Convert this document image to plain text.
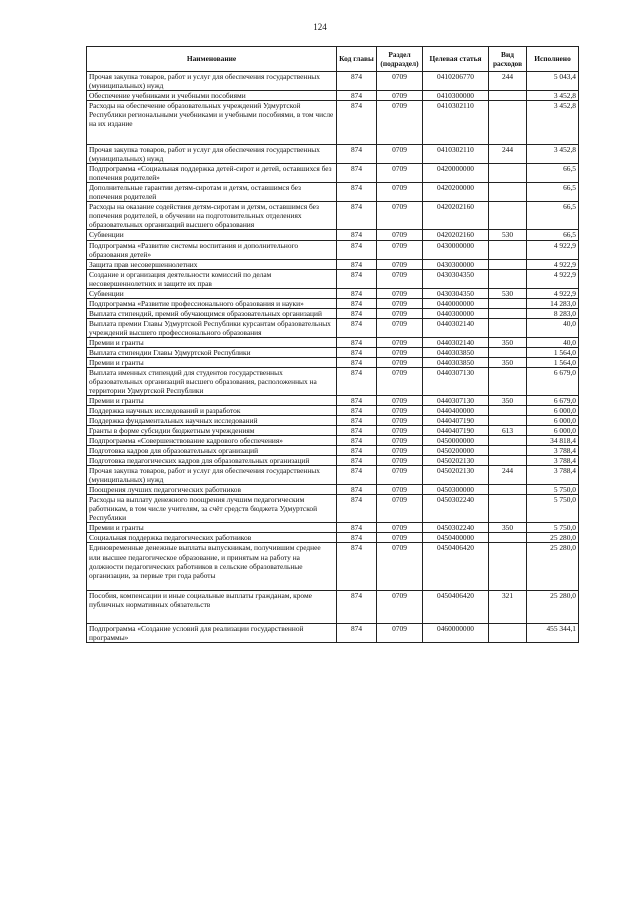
124
Наименование	Код главы	Раздел (подраздел)	Целевая статья	Вид расходов	Исполнено
Прочая закупка товаров, работ и услуг для обеспечения государственных (муниципальных) нужд	874	0709	0410206770	244	5 043,4
Обеспечение учебниками и учебными пособиями	874	0709	0410300000		3 452,8
Расходы на обеспечение образовательных учреждений Удмуртской Республики региональными учебниками и учебными пособиями, в том числе на их издание	874	0709	0410302110		3 452,8
Прочая закупка товаров, работ и услуг для обеспечения государственных (муниципальных) нужд	874	0709	0410302110	244	3 452,8
Подпрограмма «Социальная поддержка детей-сирот и детей, оставшихся без попечения родителей»	874	0709	0420000000		66,5
Дополнительные гарантии детям-сиротам и детям, оставшимся без попечения родителей	874	0709	0420200000		66,5
Расходы на оказание содействия детям-сиротам и детям, оставшимся без попечения родителей, в обучении на подготовительных отделениях образовательных организаций высшего образования	874	0709	0420202160		66,5
Субвенции	874	0709	0420202160	530	66,5
Подпрограмма «Развитие системы воспитания и дополнительного образования детей»	874	0709	0430000000		4 922,9
Защита прав несовершеннолетних	874	0709	0430300000		4 922,9
Создание и организация деятельности комиссий по делам несовершеннолетних и защите их прав	874	0709	0430304350		4 922,9
Субвенции	874	0709	0430304350	530	4 922,9
Подпрограмма «Развитие профессионального образования и науки»	874	0709	0440000000		14 283,0
Выплата стипендий, премий обучающимся образовательных организаций	874	0709	0440300000		8 283,0
Выплата премии Главы Удмуртской Республики курсантам образовательных учреждений высшего профессионального образования	874	0709	0440302140		40,0
Премии и гранты	874	0709	0440302140	350	40,0
Выплата стипендии Главы Удмуртской Республики	874	0709	0440303850		1 564,0
Премии и гранты	874	0709	0440303850	350	1 564,0
Выплата именных стипендий для студентов государственных образовательных организаций высшего образования, расположенных на территории Удмуртской Республики	874	0709	0440307130		6 679,0
Премии и гранты	874	0709	0440307130	350	6 679,0
Поддержка научных исследований и разработок	874	0709	0440400000		6 000,0
Поддержка фундаментальных научных исследований	874	0709	0440407190		6 000,0
Гранты в форме субсидии бюджетным учреждениям	874	0709	0440407190	613	6 000,0
Подпрограмма «Совершенствование кадрового обеспечения»	874	0709	0450000000		34 818,4
Подготовка кадров для образовательных организаций	874	0709	0450200000		3 788,4
Подготовка педагогических кадров для образовательных организаций	874	0709	0450202130		3 788,4
Прочая закупка товаров, работ и услуг для обеспечения государственных (муниципальных) нужд	874	0709	0450202130	244	3 788,4
Поощрения лучших педагогических работников	874	0709	0450300000		5 750,0
Расходы на выплату денежного поощрения лучшим педагогическим работникам, в том числе учителям, за счёт средств бюджета Удмуртской Республики	874	0709	0450302240		5 750,0
Премии и гранты	874	0709	0450302240	350	5 750,0
Социальная поддержка педагогических работников	874	0709	0450400000		25 280,0
Единовременные денежные выплаты выпускникам, получившим среднее или высшее педагогическое образование, и принятым на работу на должности педагогических работников в сельские образовательные организации, за первые три года работы	874	0709	0450406420		25 280,0
Пособия, компенсации и иные социальные выплаты гражданам, кроме публичных нормативных обязательств	874	0709	0450406420	321	25 280,0
Подпрограмма «Создание условий для реализации государственной программы»	874	0709	0460000000		455 344,1
